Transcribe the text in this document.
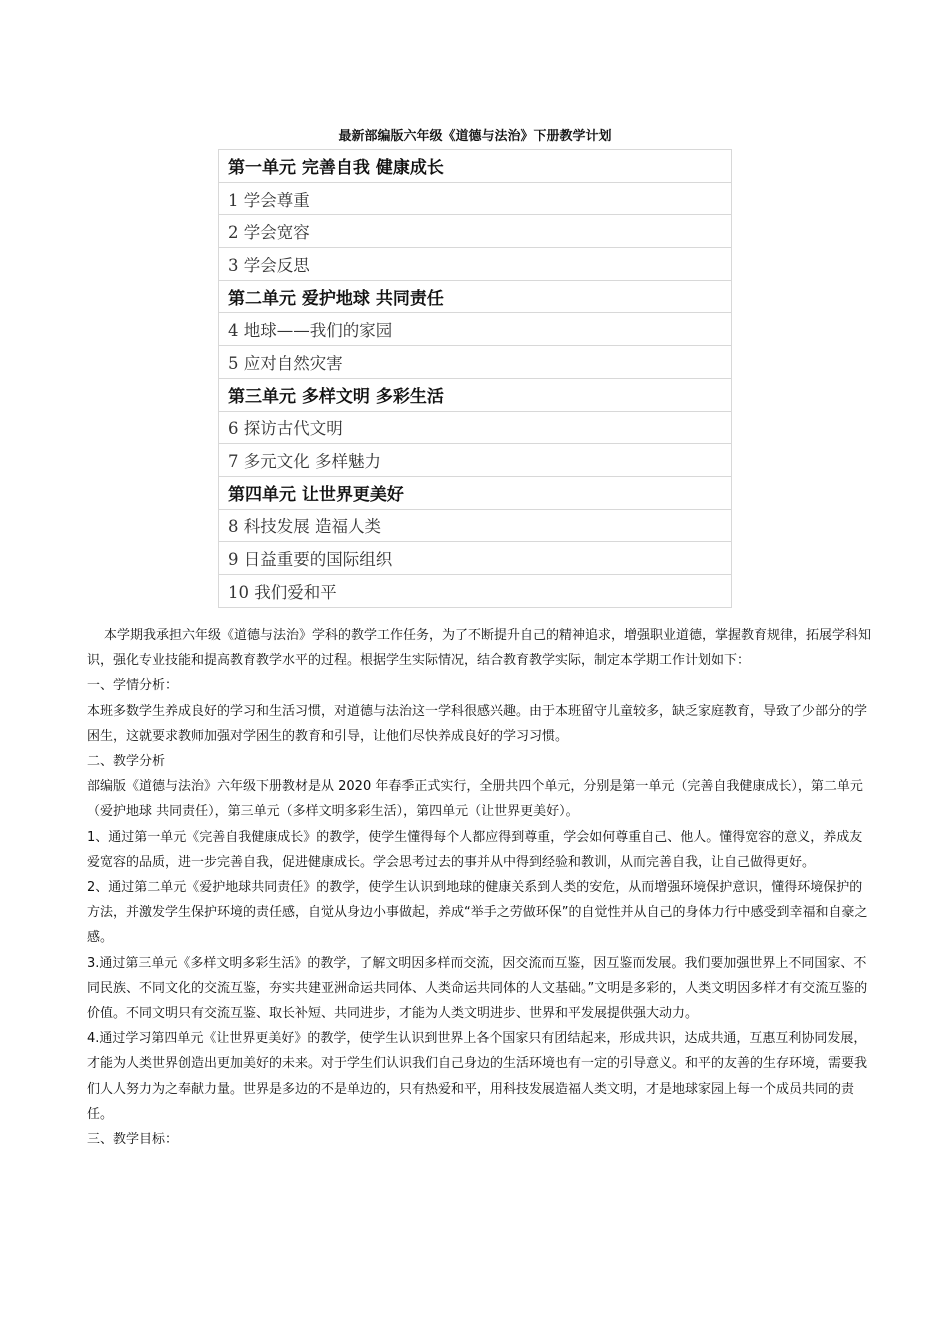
最新部编版六年级《道德与法治》下册教学计划
第一单元 完善自我 健康成长
1 学会尊重
2 学会宽容
3 学会反思
第二单元 爱护地球 共同责任
4 地球——我们的家园
5 应对自然灾害
第三单元 多样文明 多彩生活
6 探访古代文明
7 多元文化 多样魅力
第四单元 让世界更美好
8 科技发展 造福人类
9 日益重要的国际组织
10 我们爱和平

本学期我承担六年级《道德与法治》学科的教学工作任务，为了不断提升自己的精神追求，增强职业道德，掌握教育规律，拓展学科知识，强化专业技能和提高教育教学水平的过程。根据学生实际情况，结合教育教学实际，制定本学期工作计划如下：

一、学情分析：

本班多数学生养成良好的学习和生活习惯，对道德与法治这一学科很感兴趣。由于本班留守儿童较多，缺乏家庭教育，导致了少部分的学困生，这就要求教师加强对学困生的教育和引导，让他们尽快养成良好的学习习惯。

二、教学分析

部编版《道德与法治》六年级下册教材是从 2020 年春季正式实行，全册共四个单元，分别是第一单元（完善自我健康成长），第二单元（爱护地球 共同责任），第三单元（多样文明多彩生活），第四单元（让世界更美好）。

1、通过第一单元《完善自我健康成长》的教学，使学生懂得每个人都应得到尊重，学会如何尊重自己、他人。懂得宽容的意义，养成友爱宽容的品质，进一步完善自我，促进健康成长。学会思考过去的事并从中得到经验和教训，从而完善自我，让自己做得更好。

2、通过第二单元《爱护地球共同责任》的教学，使学生认识到地球的健康关系到人类的安危，从而增强环境保护意识，懂得环境保护的方法，并激发学生保护环境的责任感，自觉从身边小事做起，养成“举手之劳做环保”的自觉性并从自己的身体力行中感受到幸福和自豪之感。

3.通过第三单元《多样文明多彩生活》的教学，了解文明因多样而交流，因交流而互鉴，因互鉴而发展。我们要加强世界上不同国家、不同民族、不同文化的交流互鉴，夯实共建亚洲命运共同体、人类命运共同体的人文基础。”文明是多彩的，人类文明因多样才有交流互鉴的价值。不同文明只有交流互鉴、取长补短、共同进步，才能为人类文明进步、世界和平发展提供强大动力。

4.通过学习第四单元《让世界更美好》的教学，使学生认识到世界上各个国家只有团结起来，形成共识，达成共通，互惠互利协同发展，才能为人类世界创造出更加美好的未来。对于学生们认识我们自己身边的生活环境也有一定的引导意义。和平的友善的生存环境，需要我们人人努力为之奉献力量。世界是多边的不是单边的，只有热爱和平，用科技发展造福人类文明，才是地球家园上每一个成员共同的责任。

三、教学目标：
